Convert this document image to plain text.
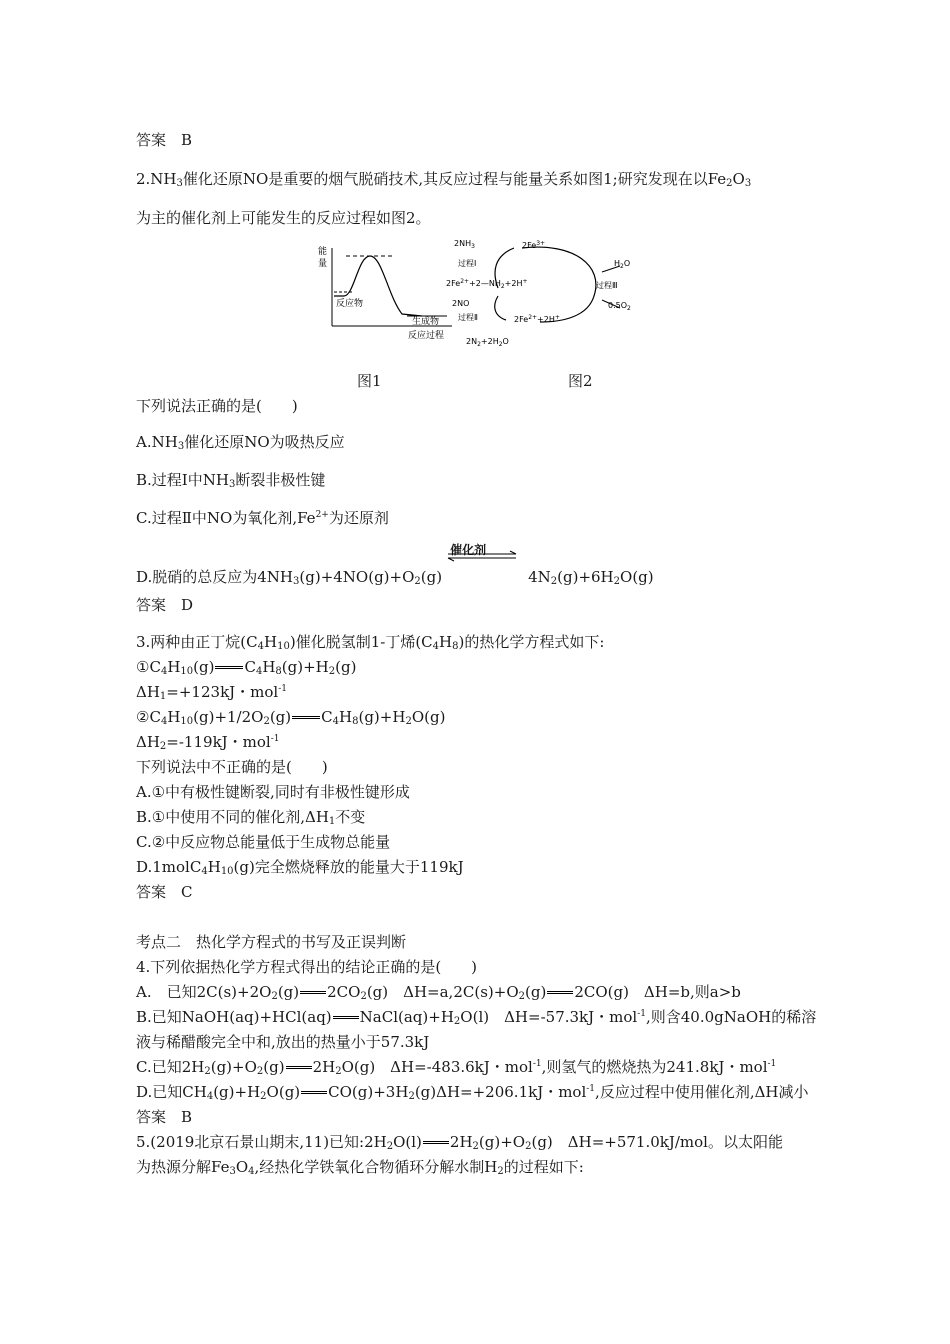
答案　B
$2.NH_3$催化还原NO是重要的烟气脱硝技术,其反应过程与能量关系如图1;研究发现在以$Fe_2O_3$
为主的催化剂上可能发生的反应过程如图2。
能
量
反应物
生成物
反应过程
图1
$2NH_3$	$2Fe^{3+}$
过程Ⅰ
$2Fe^{2+}+2—NH_2+2H^+$
2NO
过程Ⅱ	$2Fe^{2+}+2H^+$
$2N_2+2H_2O$
$H_2O$
过程Ⅲ
$0.5O_2$
图2
下列说法正确的是(　　)
$A.NH_3$催化还原NO为吸热反应
B.过程Ⅰ中$NH_3$断裂非极性键
C.过程Ⅱ中NO为氧化剂$,Fe^{2+}$为还原剂
D.脱硝的总反应为$4NH_3(g)+4NO(g)+O_2(g)$
催化剂
$4N_2(g)+6H_2O(g)$
答案　D
3.两种由正丁烷$(C_4H_{10})$催化脱氢制1-丁烯$(C_4H_8)$的热化学方程式如下:
$①C_4H_{10}(g)$ $C_4H_8(g)+H_2(g)$
$\Delta H_1=+123kJ$・mol$^{-1}$
$②C_4H_{10}(g)+1/2O_2(g)$ $C_4H_8(g)+H_2O(g)$
$\Delta H_2=-119kJ$・mol$^{-1}$
下列说法中不正确的是(　　)
A.①中有极性键断裂,同时有非极性键形成
B.①中使用不同的催化剂$,\Delta H_1$不变
C.②中反应物总能量低于生成物总能量
$D.1molC_4H_{10}(g)$完全燃烧释放的能量大于119kJ
答案　C
考点二　热化学方程式的书写及正误判断
4.下列依据热化学方程式得出的结论正确的是(　　)
A.　已知$2C(s)+2O_2(g)$ $2CO_2(g)$　$\Delta H=a,2C(s)+O_2(g)$ 2CO(g)　ΔH=b,则a>b
B.已知NaOH(aq)+HCl(aq) $NaCl(aq)+H_2O(l)$　ΔH=-57.3kJ・mol$^{-1}$,则含40.0gNaOH的稀溶
液与稀醋酸完全中和,放出的热量小于57.3kJ
C.已知$2H_2(g)+O_2(g)$ $2H_2O(g)$　ΔH=-483.6kJ・mol$^{-1}$,则氢气的燃烧热为241.8kJ・mol$^{-1}$
D.已知$CH_4(g)+H_2O(g)$ $CO(g)+3H_2(g)\Delta H=+206.1kJ$・mol$^{-1}$,反应过程中使用催化剂,ΔH减小
答案　B
5.(2019北京石景山期末,11)已知$:2H_2O(l)$ $2H_2(g)+O_2(g)$　ΔH=+571.0kJ/mol。以太阳能
为热源分解$Fe_3O_4$,经热化学铁氧化合物循环分解水制$H_2$的过程如下:
